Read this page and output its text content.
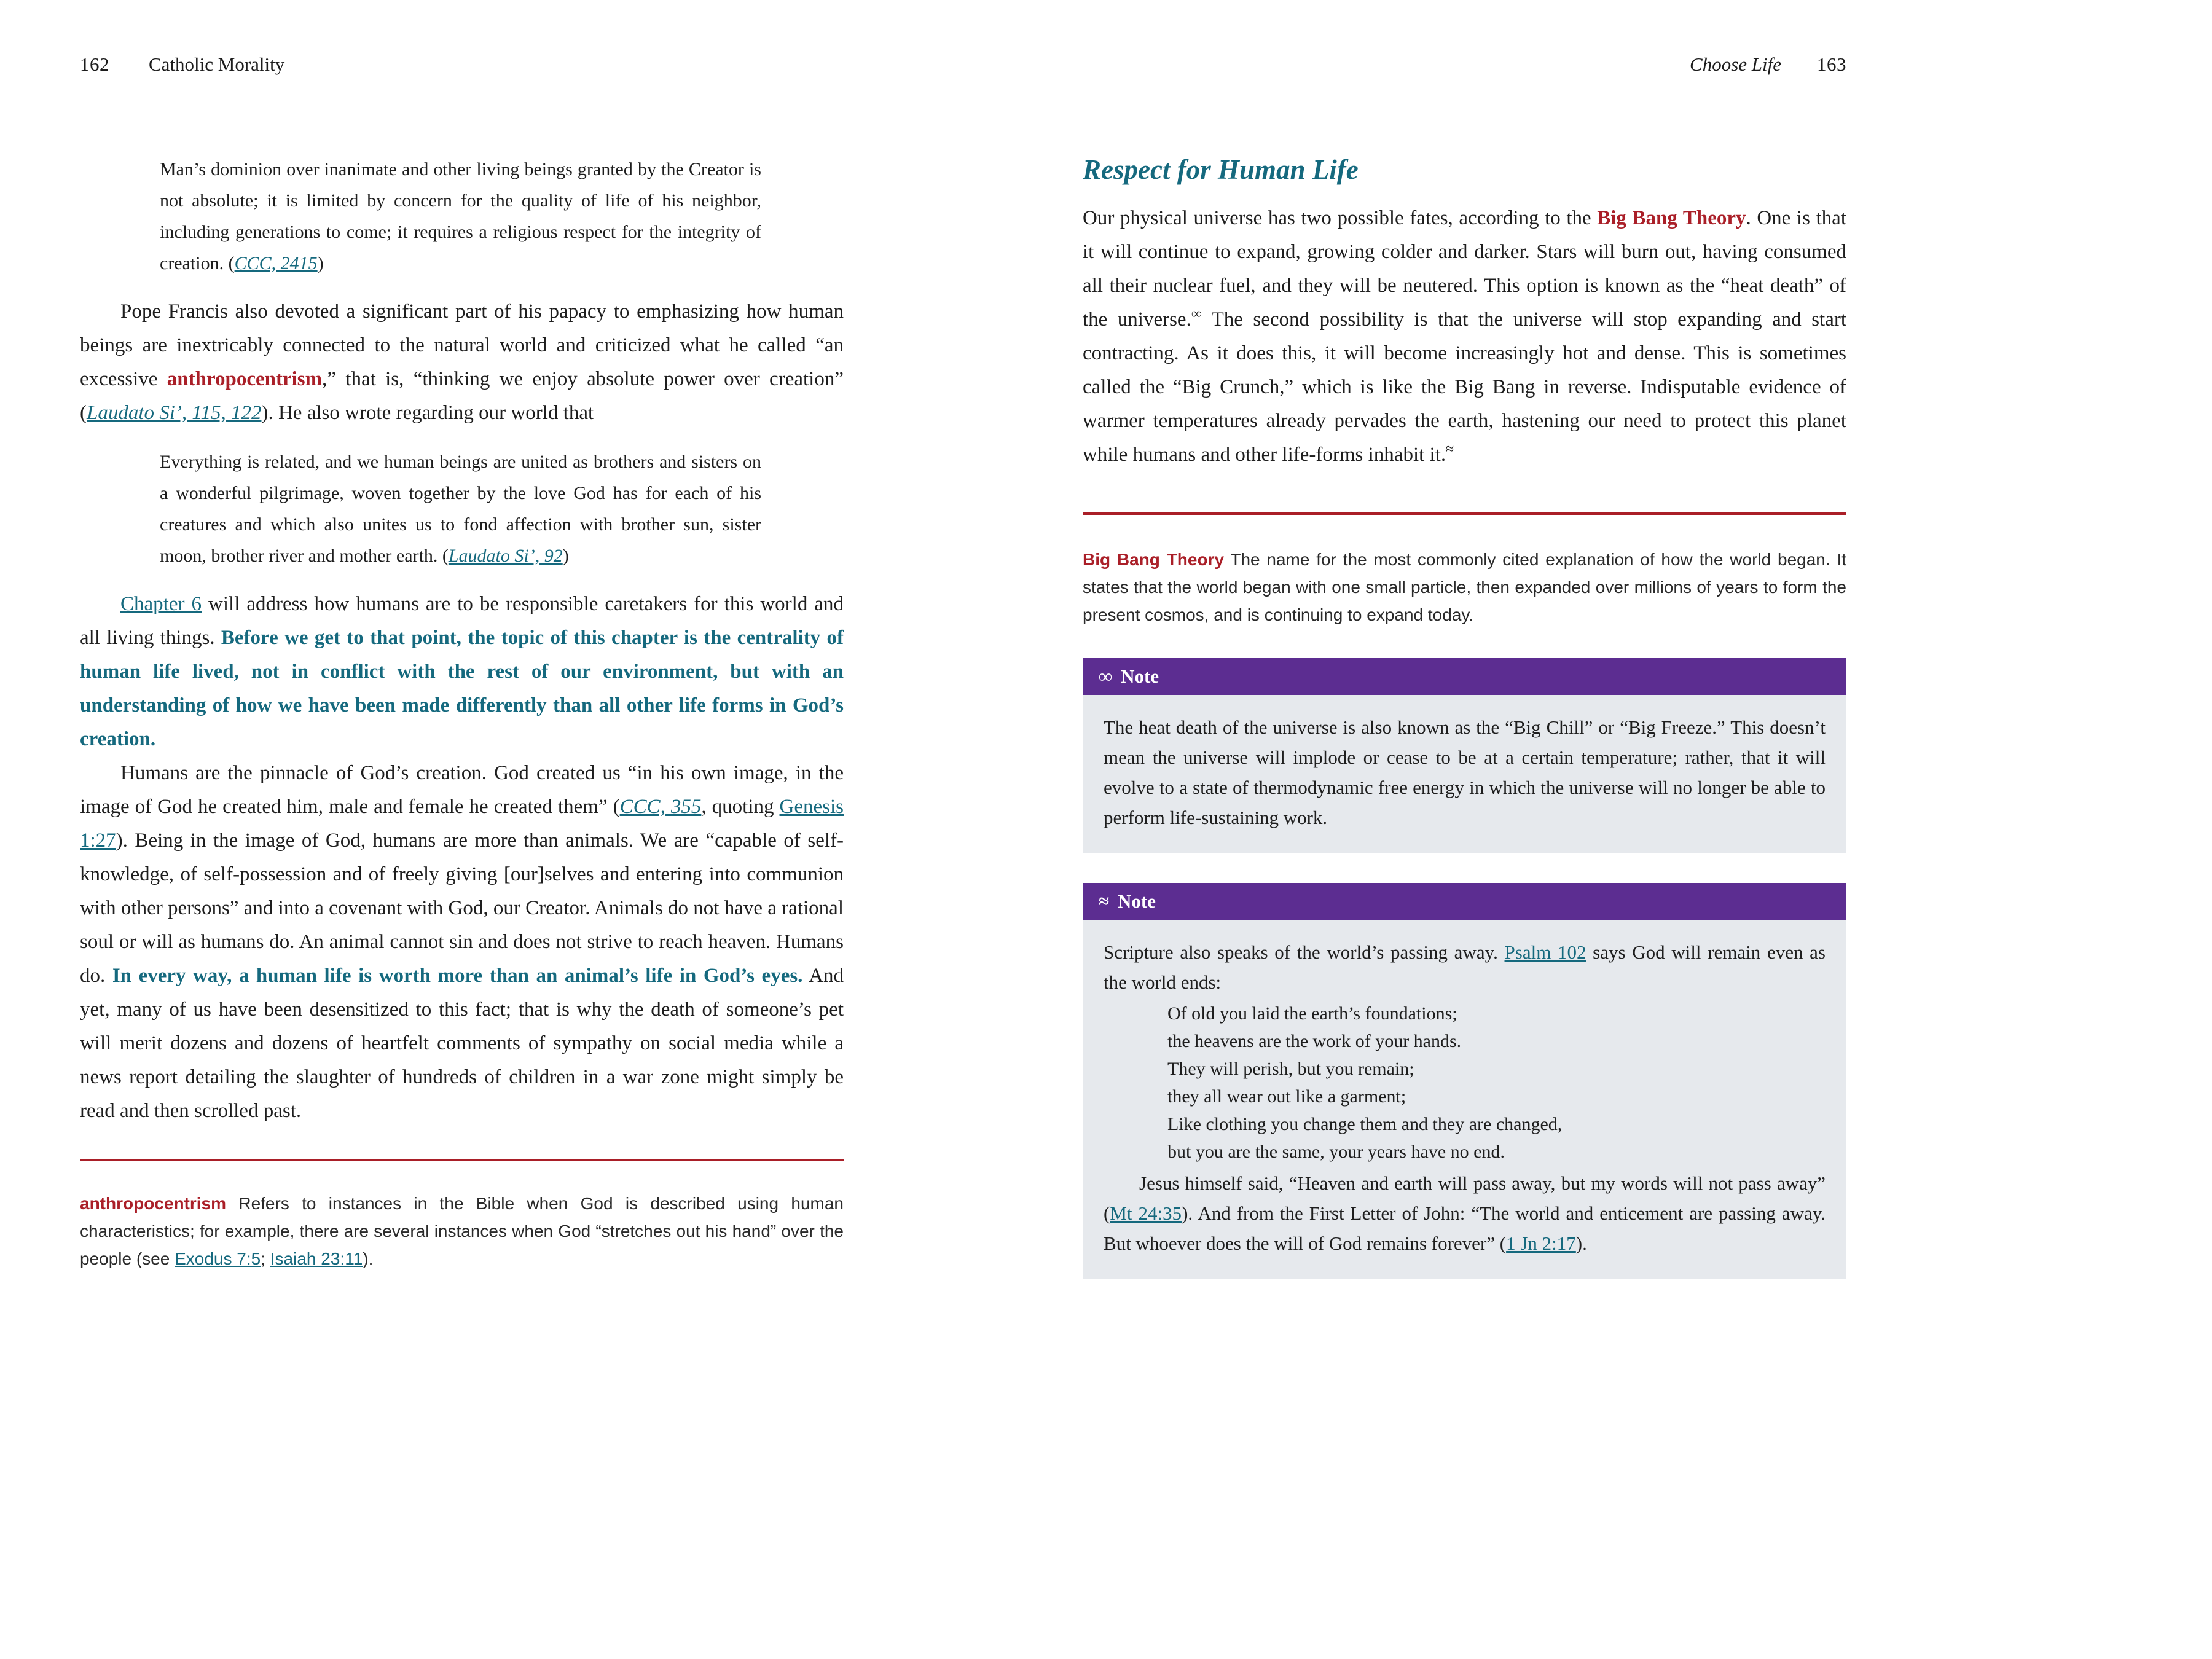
162 Catholic Morality

Man’s dominion over inanimate and other living beings granted by the Creator is not absolute; it is limited by concern for the quality of life of his neighbor, including generations to come; it requires a religious respect for the integrity of creation. (CCC, 2415)

Pope Francis also devoted a significant part of his papacy to emphasizing how human beings are inextricably connected to the natural world and criticized what he called “an excessive anthropocentrism,” that is, “thinking we enjoy absolute power over creation” (Laudato Si’, 115, 122). He also wrote regarding our world that

Everything is related, and we human beings are united as brothers and sisters on a wonderful pilgrimage, woven together by the love God has for each of his creatures and which also unites us to fond affection with brother sun, sister moon, brother river and mother earth. (Laudato Si’, 92)

Chapter 6 will address how humans are to be responsible caretakers for this world and all living things. Before we get to that point, the topic of this chapter is the centrality of human life lived, not in conflict with the rest of our environment, but with an understanding of how we have been made differently than all other life forms in God’s creation.

Humans are the pinnacle of God’s creation. God created us “in his own image, in the image of God he created him, male and female he created them” (CCC, 355, quoting Genesis 1:27). Being in the image of God, humans are more than animals. We are “capable of self-knowledge, of self-possession and of freely giving [our]selves and entering into communion with other persons” and into a covenant with God, our Creator. Animals do not have a rational soul or will as humans do. An animal cannot sin and does not strive to reach heaven. Humans do. In every way, a human life is worth more than an animal’s life in God’s eyes. And yet, many of us have been desensitized to this fact; that is why the death of someone’s pet will merit dozens and dozens of heartfelt comments of sympathy on social media while a news report detailing the slaughter of hundreds of children in a war zone might simply be read and then scrolled past.

anthropocentrism Refers to instances in the Bible when God is described using human characteristics; for example, there are several instances when God “stretches out his hand” over the people (see Exodus 7:5; Isaiah 23:11).

Choose Life 163
Respect for Human Life

Our physical universe has two possible fates, according to the Big Bang Theory. One is that it will continue to expand, growing colder and darker. Stars will burn out, having consumed all their nuclear fuel, and they will be neutered. This option is known as the “heat death” of the universe.∞ The second possibility is that the universe will stop expanding and start contracting. As it does this, it will become increasingly hot and dense. This is sometimes called the “Big Crunch,” which is like the Big Bang in reverse. Indisputable evidence of warmer temperatures already pervades the earth, hastening our need to protect this planet while humans and other life-forms inhabit it.≈

Big Bang Theory The name for the most commonly cited explanation of how the world began. It states that the world began with one small particle, then expanded over millions of years to form the present cosmos, and is continuing to expand today.

∞ Note

The heat death of the universe is also known as the “Big Chill” or “Big Freeze.” This doesn’t mean the universe will implode or cease to be at a certain temperature; rather, that it will evolve to a state of thermodynamic free energy in which the universe will no longer be able to perform life-sustaining work.

≈ Note

Scripture also speaks of the world’s passing away. Psalm 102 says God will remain even as the world ends:

Of old you laid the earth’s foundations;
the heavens are the work of your hands.
They will perish, but you remain;
they all wear out like a garment;
Like clothing you change them and they are changed,
but you are the same, your years have no end.

Jesus himself said, “Heaven and earth will pass away, but my words will not pass away” (Mt 24:35). And from the First Letter of John: “The world and enticement are passing away. But whoever does the will of God remains forever” (1 Jn 2:17).
